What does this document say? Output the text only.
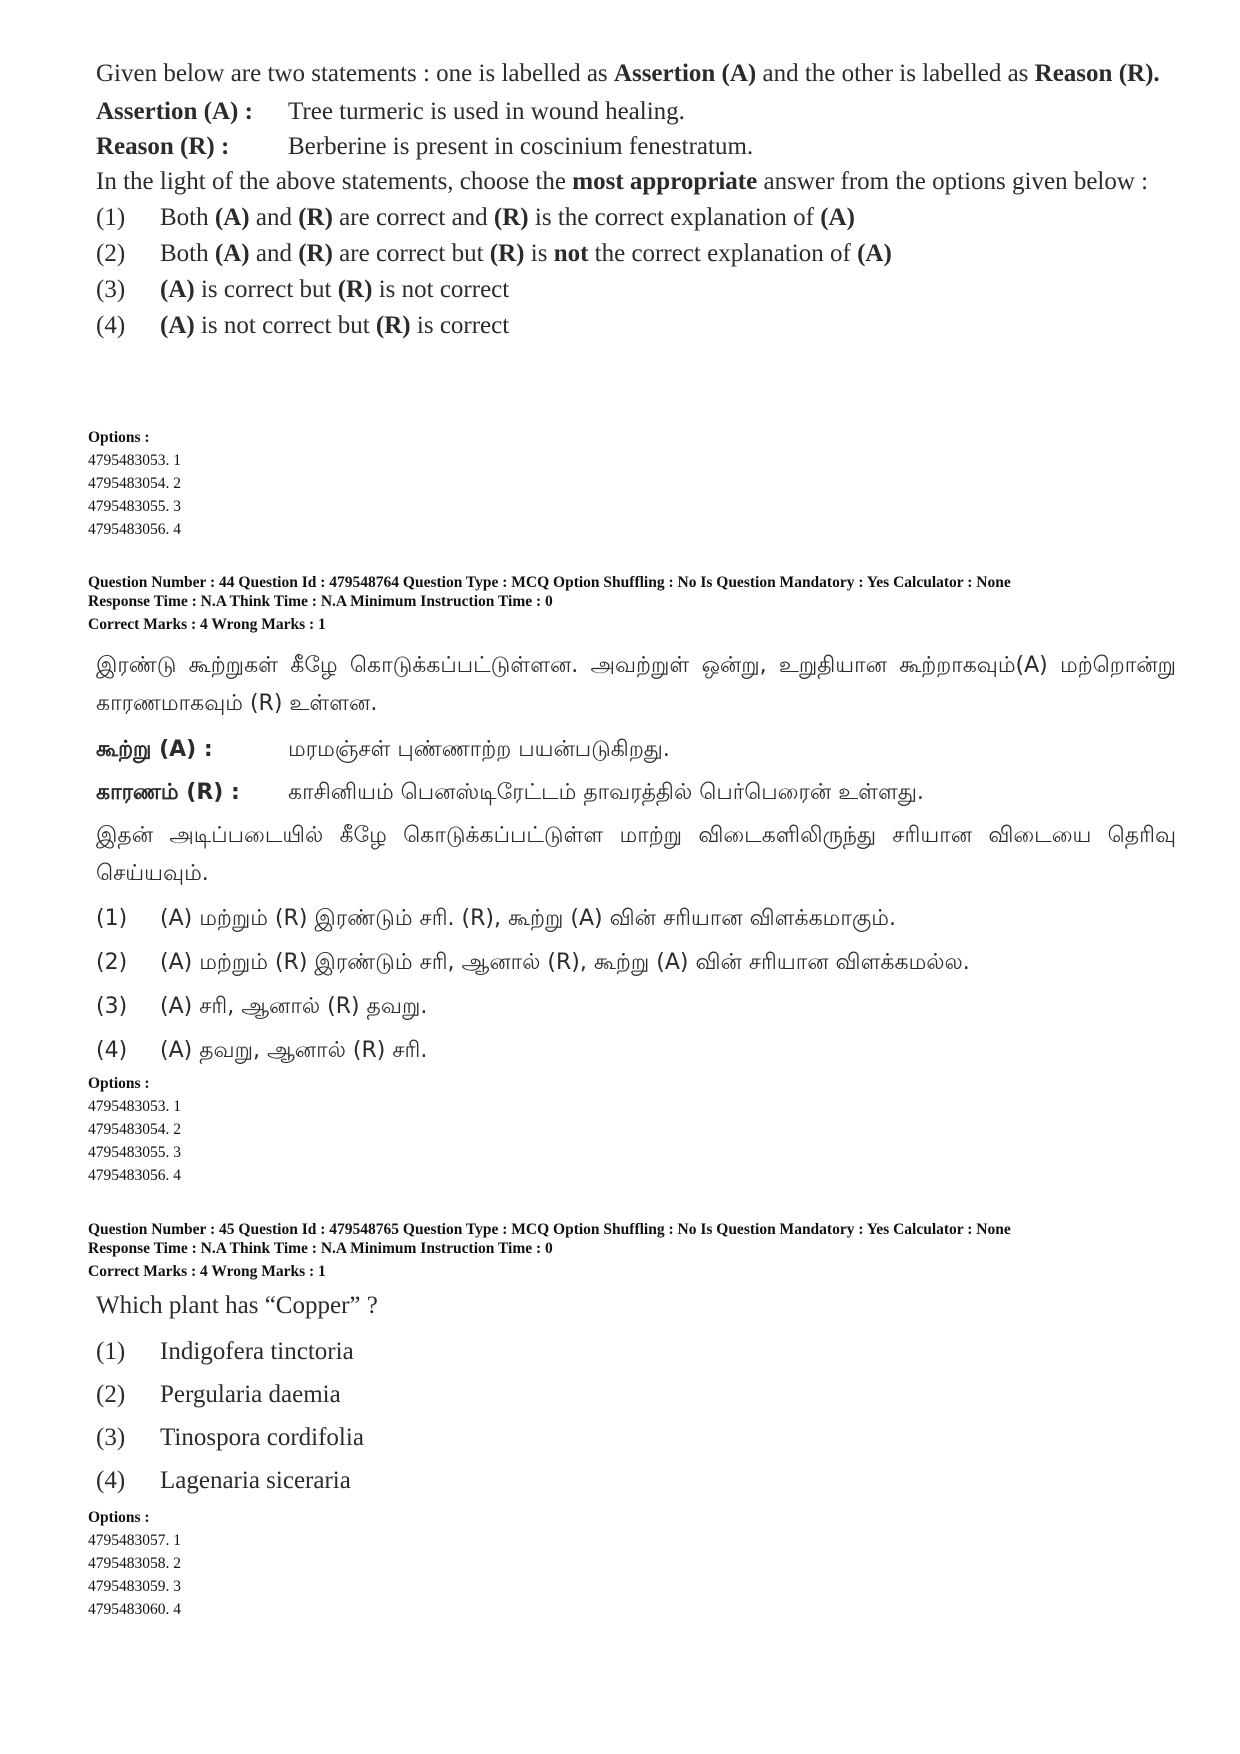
Given below are two statements : one is labelled as Assertion (A) and the other is labelled as Reason (R).

Assertion (A) :	Tree turmeric is used in wound healing.
Reason (R) :	Berberine is present in coscinium fenestratum.

In the light of the above statements, choose the most appropriate answer from the options given below :

(1)	Both (A) and (R) are correct and (R) is the correct explanation of (A)
(2)	Both (A) and (R) are correct but (R) is not the correct explanation of (A)
(3)	(A) is correct but (R) is not correct
(4)	(A) is not correct but (R) is correct
Options :
4795483053. 1
4795483054. 2
4795483055. 3
4795483056. 4
Question Number : 44 Question Id : 479548764 Question Type : MCQ Option Shuffling : No Is Question Mandatory : Yes Calculator : None
Response Time : N.A Think Time : N.A Minimum Instruction Time : 0
Correct Marks : 4 Wrong Marks : 1

இரண்டு கூற்றுகள் கீழே கொடுக்கப்பட்டுள்ளன. அவற்றுள் ஒன்று, உறுதியான கூற்றாகவும்(A) மற்றொன்று காரணமாகவும் (R) உள்ளன.

கூற்று (A) :	மரமஞ்சள் புண்ணாற்ற பயன்படுகிறது.
காரணம் (R) :	காசினியம் பெனஸ்டிரேட்டம் தாவரத்தில் பெர்பெரைன் உள்ளது.

இதன் அடிப்படையில் கீழே கொடுக்கப்பட்டுள்ள மாற்று விடைகளிலிருந்து சரியான விடையை தெரிவு செய்யவும்.

(1)	(A) மற்றும் (R) இரண்டும் சரி. (R), கூற்று (A) வின் சரியான விளக்கமாகும்.
(2)	(A) மற்றும் (R) இரண்டும் சரி, ஆனால் (R), கூற்று (A) வின் சரியான விளக்கமல்ல.
(3)	(A) சரி, ஆனால் (R) தவறு.
(4)	(A) தவறு, ஆனால் (R) சரி.
Options :
4795483053. 1
4795483054. 2
4795483055. 3
4795483056. 4
Question Number : 45 Question Id : 479548765 Question Type : MCQ Option Shuffling : No Is Question Mandatory : Yes Calculator : None
Response Time : N.A Think Time : N.A Minimum Instruction Time : 0
Correct Marks : 4 Wrong Marks : 1

Which plant has “Copper” ?

(1)	Indigofera tinctoria
(2)	Pergularia daemia
(3)	Tinospora cordifolia
(4)	Lagenaria siceraria
Options :
4795483057. 1
4795483058. 2
4795483059. 3
4795483060. 4
